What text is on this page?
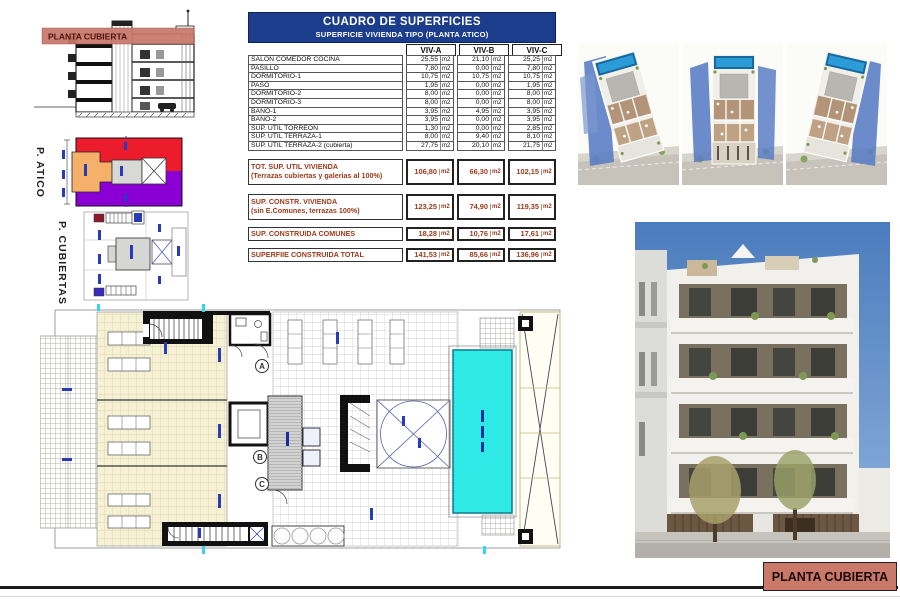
PLANTA CUBIERTA
P. ATICO
P. CUBIERTAS
CUADRO DE SUPERFICIES
SUPERFICIE VIVIENDA TIPO (PLANTA ATICO)
VIV-A	VIV-B	VIV-C
SALON COMEDOR COCINA	25,55 m2	21,10 m2	25,25 m2
PASILLO	7,80 m2	0,00 m2	7,80 m2
DORMITORIO-1	10,75 m2	10,75 m2	10,75 m2
PASO	1,95 m2	0,00 m2	1,95 m2
DORMITORIO-2	8,00 m2	0,00 m2	8,00 m2
DORMITORIO-3	8,00 m2	0,00 m2	8,00 m2
BAÑO-1	3,95 m2	4,95 m2	3,95 m2
BAÑO-2	3,95 m2	0,00 m2	3,95 m2
SUP. UTIL TORREON	1,30 m2	0,00 m2	2,85 m2
SUP. UTIL TERRAZA-1	8,00 m2	9,40 m2	8,10 m2
SUP. UTIL TERRAZA-2 (cubierta)	27,75 m2	20,10 m2	21,75 m2
TOT. SUP. UTIL VIVIENDA
(Terrazas cubiertas y galerias al 100%)	106,80 m2	66,30 m2	102,15 m2
SUP. CONSTR. VIVIENDA
(sin E.Comunes, terrazas 100%)	123,25 m2	74,90 m2	119,35 m2
SUP. CONSTRUIDA COMUNES	18,28 m2	10,76 m2	17,61 m2
SUPERFIIE CONSTRUIDA TOTAL	141,53 m2	85,66 m2	136,96 m2
A
B
C
PLANTA CUBIERTA
